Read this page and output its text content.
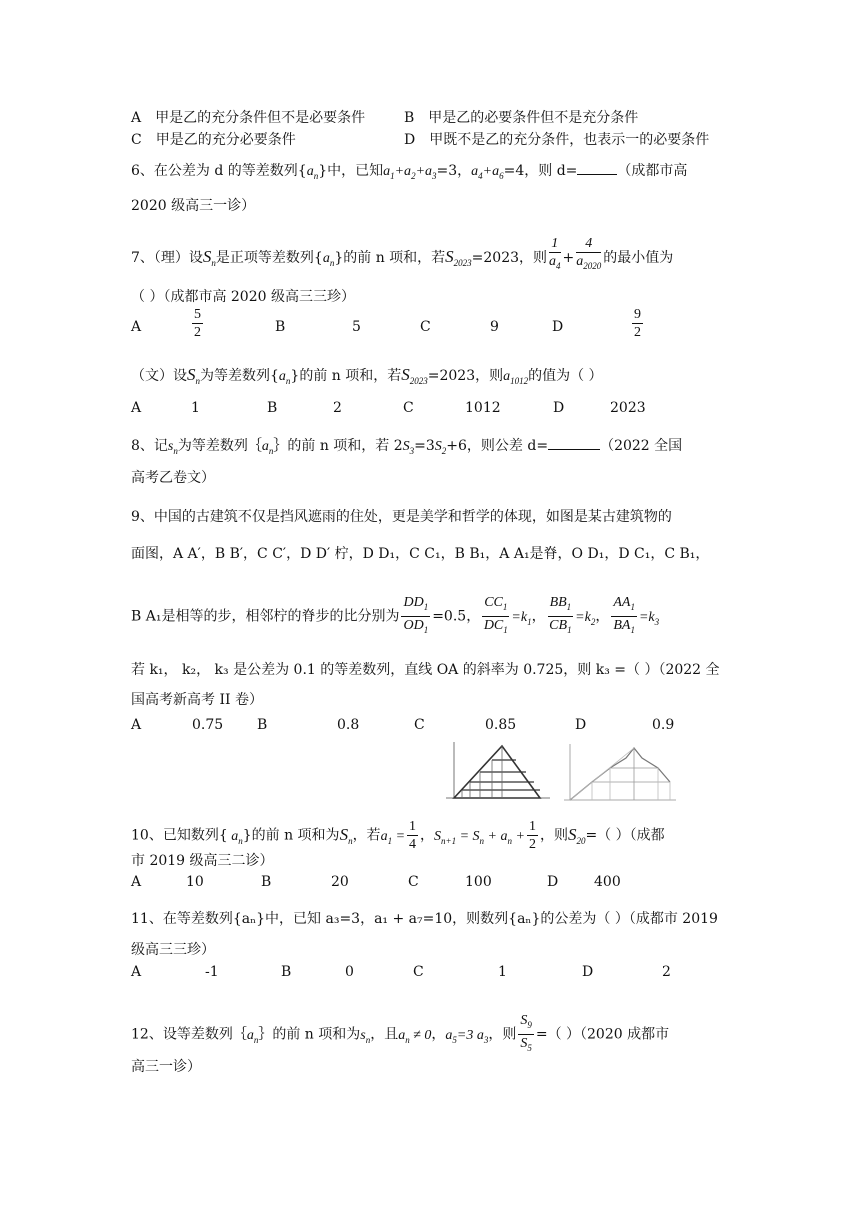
A　甲是乙的充分条件但不是必要条件	B　甲是乙的必要条件但不是充分条件
C　甲是乙的充分必要条件	D　甲既不是乙的充分条件，也表示一的必要条件
6、在公差为 d 的等差数列$\{a_n\}$中，已知$a_1+a_2+a_3=3$，$a_4+a_6=4$，则 d=	（成都市高
2020 级高三一诊）
7、（理）设$S_n$是正项等差数列$\{a_n\}$的前 n 项和，若$S_{2023}=2023$，则 $\frac{1}{a_4} + \frac{4}{a_{2020}}$ 的最小值为
（ ）（成都市高 2020 级高三三珍）
A	$\frac{5}{2}$	B	5	C	9	D	$\frac{9}{2}$
（文）设$S_n$为等差数列$\{a_n\}$的前 n 项和，若$S_{2023}=2023$，则$a_{1012}$的值为（ ）
A	1	B	2	C	1012	D	2023
8、记$s_n$为等差数列$\{a_n\}$的前 n 项和，若 $2S_3=3S_2+6$，则公差 d=	（2022 全国
高考乙卷文）
9、中国的古建筑不仅是挡风遮雨的住处，更是美学和哲学的体现，如图是某古建筑物的
面图，A A′，B B′，C C′，D D′ 柠，D D₁，C C₁，B B₁，A A₁是脊，O D₁，D C₁，C B₁，
B A₁是相等的步，相邻柠的脊步的比分别为 $\frac{DD_1}{OD_1} =0.5$， $\frac{CC_1}{DC_1} =k_1$， $\frac{BB_1}{CB_1} =k_2$， $\frac{AA_1}{BA_1} =k_3$
若 k₁， k₂， k₃ 是公差为 0.1 的等差数列，直线 OA 的斜率为 0.725，则 k₃ =（ ）（2022 全
国高考新高考 II 卷）
A	0.75 B	0.8	C	0.85	D	0.9
10、已知数列{ $a_n$}的前 n 项和为$S_n$，若$a_1 = \frac{1}{4}$ ，$S_{n+1} = S_n + a_n + \frac{1}{2}$ ，则$S_{20}=$（ ）（成都
市 2019 级高三二诊）
A	10	B	20	C	100	D	400
11、在等差数列{aₙ}中，已知 a₃=3，a₁ + a₇=10，则数列{aₙ}的公差为（ ）（成都市 2019
级高三三珍）
A	-1	B	0	C	1	D	2
12、设等差数列$\{a_n\}$的前 n 项和为$s_n$，且$a_n \ne 0$，$a_5=3$ $a_3$，则 $\frac{S_9}{S_5}$ =（ ）（2020 成都市
高三一诊）
